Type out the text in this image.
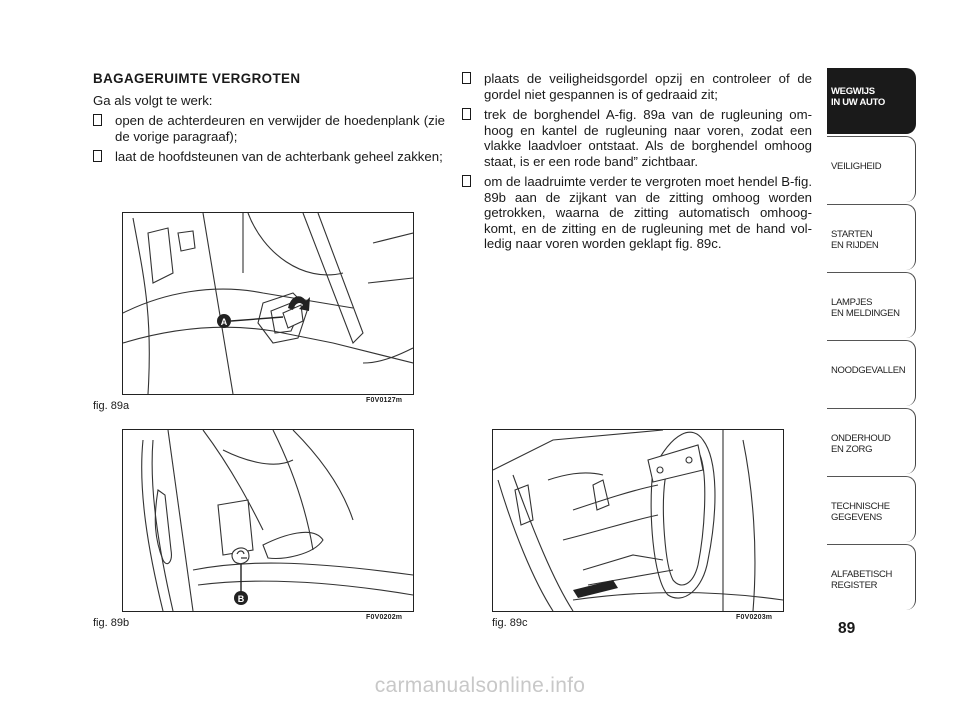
BAGAGERUIMTE VERGROTEN

Ga als volgt te werk:

open de achterdeuren en verwijder de hoedenplank (zie de vorige paragraaf);
laat de hoofdsteunen van de achterbank geheel zakken;
plaats de veiligheidsgordel opzij en controleer of de gordel niet gespannen is of gedraaid zit;
trek de borghendel A-fig. 89a van de rugleuning om- hoog en kantel de rugleuning naar voren, zodat een vlakke laadvloer ontstaat. Als de borghendel omhoog staat, is er een rode band” zichtbaar.
om de laadruimte verder te vergroten moet hendel B-fig. 89b aan de zijkant van de zitting omhoog worden getrokken, waarna de zitting automatisch omhoog- komt, en de zitting en de rugleuning met de hand vol- ledig naar voren worden geklapt fig. 89c.
A
fig. 89a	F0V0127m
B
fig. 89b	F0V0202m	fig. 89c	F0V0203m
WEGWIJS
IN UW AUTO
VEILIGHEID
STARTEN
EN RIJDEN
LAMPJES
EN MELDINGEN
NOODGEVALLEN
ONDERHOUD
EN ZORG
TECHNISCHE
GEGEVENS
ALFABETISCH
REGISTER
89
carmanualsonline.info
